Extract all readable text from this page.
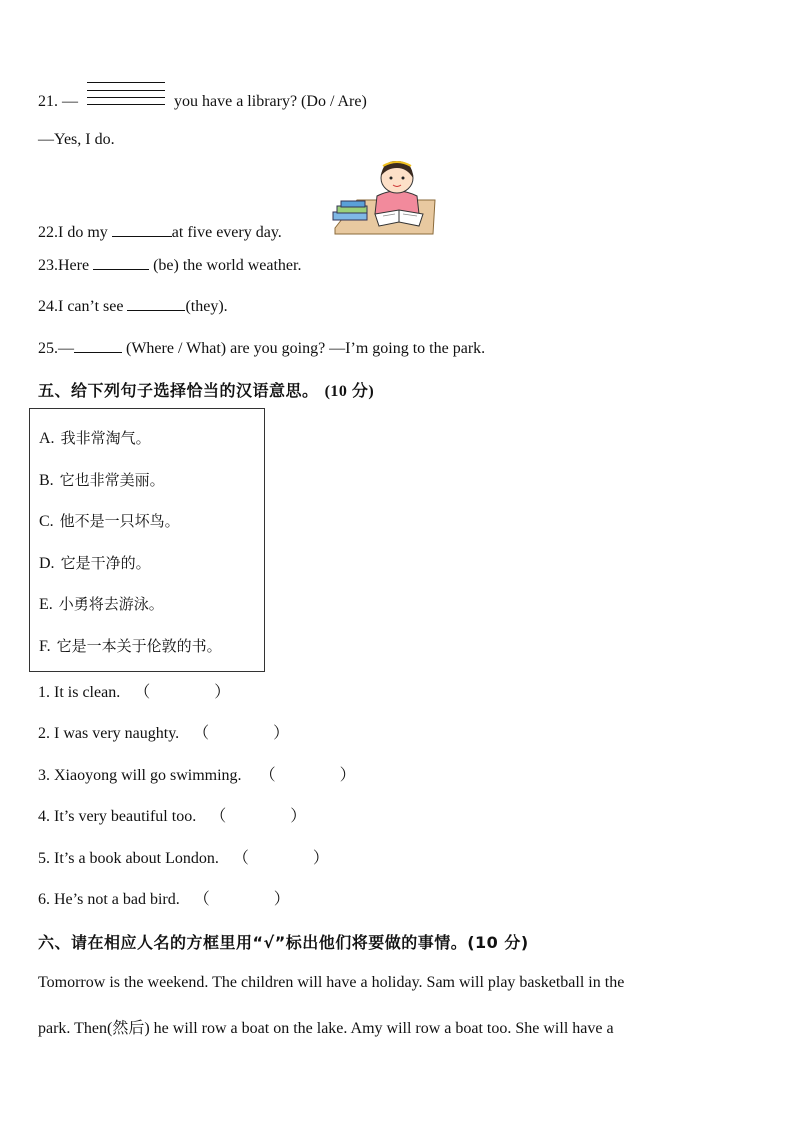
21. —	you have a library? (Do / Are)
—Yes, I do.
22.I do my	at five every day.
23.Here	(be) the world weather.
24.I can’t see	(they).
25.—	(Where / What) are you going? —I’m going to the park.
五、给下列句子选择恰当的汉语意思。 (10 分)
A. 我非常淘气。
B. 它也非常美丽。
C. 他不是一只坏鸟。
D. 它是干净的。
E. 小勇将去游泳。
F. 它是一本关于伦敦的书。
1. It is clean. （　　　　）
2. I was very naughty. （　　　　）
3. Xiaoyong will go swimming. （　　　　）
4. It’s very beautiful too. （　　　　）
5. It’s a book about London. （　　　　）
6. He’s not a bad bird. （　　　　）
六、请在相应人名的方框里用“√”标出他们将要做的事情。(10 分)
Tomorrow is the weekend. The children will have a holiday. Sam will play basketball in the
park. Then(然后) he will row a boat on the lake. Amy will row a boat too. She will have a
